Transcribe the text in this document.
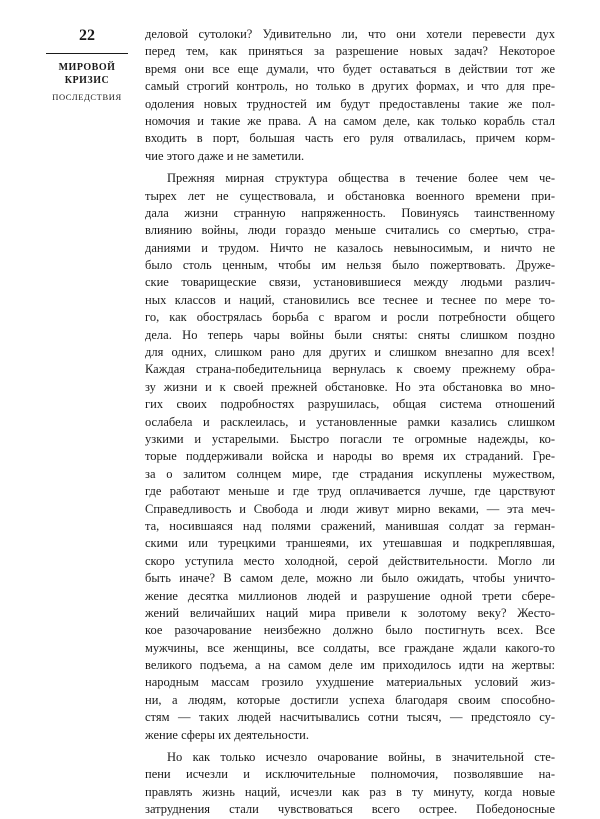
22
МИРОВОЙ
КРИЗИС
ПОСЛЕДСТВИЯ
деловой сутолоки? Удивительно ли, что они хотели перевести дух
перед тем, как приняться за разрешение новых задач? Некоторое
время они все еще думали, что будет оставаться в действии тот же
самый строгий контроль, но только в других формах, и что для пре-
одоления новых трудностей им будут предоставлены такие же пол-
номочия и такие же права. А на самом деле, как только корабль стал
входить в порт, большая часть его руля отвалилась, причем корм-
чие этого даже и не заметили.
Прежняя мирная структура общества в течение более чем че-
тырех лет не существовала, и обстановка военного времени при-
дала жизни странную напряженность. Повинуясь таинственному
влиянию войны, люди гораздо меньше считались со смертью, стра-
даниями и трудом. Ничто не казалось невыносимым, и ничто не
было столь ценным, чтобы им нельзя было пожертвовать. Друже-
ские товарищеские связи, установившиеся между людьми различ-
ных классов и наций, становились все теснее и теснее по мере то-
го, как обострялась борьба с врагом и росли потребности общего
дела. Но теперь чары войны были сняты: сняты слишком поздно
для одних, слишком рано для других и слишком внезапно для всех!
Каждая страна-победительница вернулась к своему прежнему обра-
зу жизни и к своей прежней обстановке. Но эта обстановка во мно-
гих своих подробностях разрушилась, общая система отношений
ослабела и расклеилась, и установленные рамки казались слишком
узкими и устарелыми. Быстро погасли те огромные надежды, ко-
торые поддерживали войска и народы во время их страданий. Гре-
за о залитом солнцем мире, где страдания искуплены мужеством,
где работают меньше и где труд оплачивается лучше, где царствуют
Справедливость и Свобода и люди живут мирно веками, — эта меч-
та, носившаяся над полями сражений, манившая солдат за герман-
скими или турецкими траншеями, их утешавшая и подкреплявшая,
скоро уступила место холодной, серой действительности. Могло ли
быть иначе? В самом деле, можно ли было ожидать, чтобы уничто-
жение десятка миллионов людей и разрушение одной трети сбере-
жений величайших наций мира привели к золотому веку? Жесто-
кое разочарование неизбежно должно было постигнуть всех. Все
мужчины, все женщины, все солдаты, все граждане ждали какого-то
великого подъема, а на самом деле им приходилось идти на жертвы:
народным массам грозило ухудшение материальных условий жиз-
ни, а людям, которые достигли успеха благодаря своим способно-
стям — таких людей насчитывались сотни тысяч, — предстояло су-
жение сферы их деятельности.
Но как только исчезло очарование войны, в значительной сте-
пени исчезли и исключительные полномочия, позволявшие на-
правлять жизнь наций, исчезли как раз в ту минуту, когда новые
затруднения стали чувствоваться всего острее. Победоносные
